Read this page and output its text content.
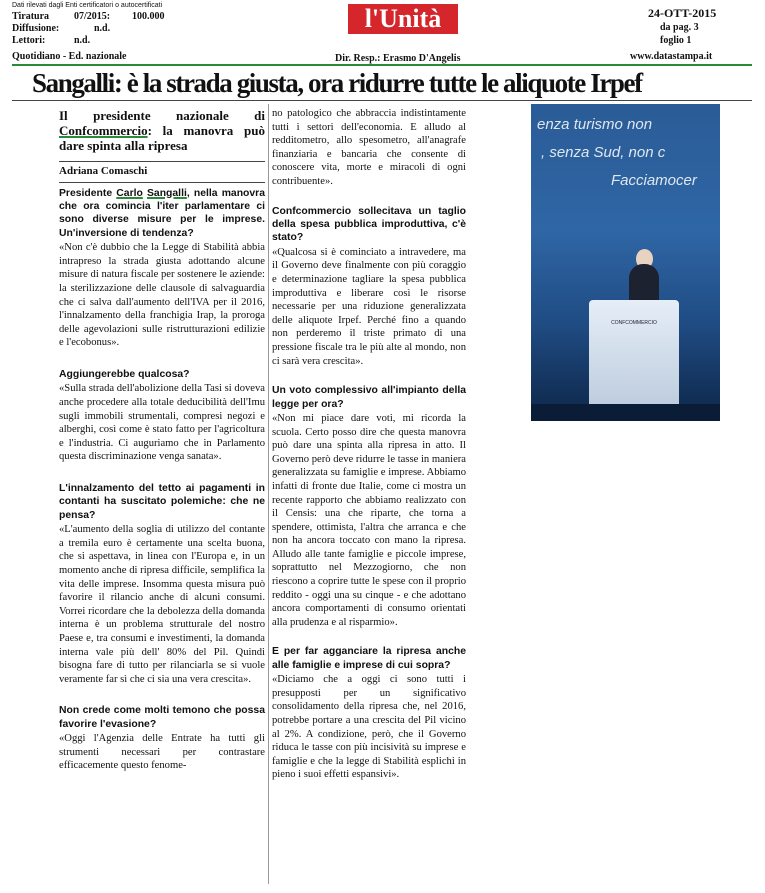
Dati rilevati dagli Enti certificatori o autocertificati
Tiratura 07/2015: 100.000
Diffusione:	n.d.
Lettori:	n.d.
Quotidiano - Ed. nazionale
l'Unità	24-OTT-2015
da pag. 3
foglio 1
www.datastampa.it
Dir. Resp.: Erasmo D'Angelis
Sangalli: è la strada giusta, ora ridurre tutte le aliquote Irpef
Il presidente nazionale di Confcommercio: la manovra può dare spinta alla ripresa
Adriana Comaschi

Presidente Carlo Sangalli, nella manovra che ora comincia l'iter parlamentare ci sono diverse misure per le imprese. Un'inversione di tendenza?

«Non c'è dubbio che la Legge di Stabilità abbia intrapreso la strada giusta adottando alcune misure di natura fiscale per sostenere le aziende: la sterilizzazione delle clausole di salvaguardia che ci salva dall'aumento dell'IVA per il 2016, l'innalzamento della franchigia Irap, la proroga delle agevolazioni sulle ristrutturazioni edilizie e l'ecobonus».

Aggiungerebbe qualcosa?

«Sulla strada dell'abolizione della Tasi si doveva anche procedere alla totale deducibilità dell'Imu sugli immobili strumentali, compresi negozi e alberghi, così come è stato fatto per l'agricoltura e l'industria. Ci auguriamo che in Parlamento questa discriminazione venga sanata».

L'innalzamento del tetto ai pagamenti in contanti ha suscitato polemiche: che ne pensa?

«L'aumento della soglia di utilizzo del contante a tremila euro è certamente una scelta buona, che si aspettava, in linea con l'Europa e, in un momento anche di ripresa difficile, semplifica la vita delle imprese. Insomma questa misura può favorire il rilancio anche di alcuni consumi. Vorrei ricordare che la debolezza della domanda interna è un problema strutturale del nostro Paese e, tra consumi e investimenti, la domanda interna vale più dell' 80% del Pil. Quindi bisogna fare di tutto per rilanciarla se si vuole veramente far sì che ci sia una vera crescita».

Non crede come molti temono che possa favorire l'evasione?

«Oggi l'Agenzia delle Entrate ha tutti gli strumenti necessari per contrastare efficacemente questo fenome-

no patologico che abbraccia indistintamente tutti i settori dell'economia. E alludo al redditometro, allo spesometro, all'anagrafe finanziaria e bancaria che consente di conoscere vita, morte e miracoli di ogni contribuente».

Confcommercio sollecitava un taglio della spesa pubblica improduttiva, c'è stato?

«Qualcosa si è cominciato a intravedere, ma il Governo deve finalmente con più coraggio e determinazione tagliare la spesa pubblica improduttiva e liberare così le risorse necessarie per una riduzione generalizzata delle aliquote Irpef. Perché fino a quando non perderemo il triste primato di una pressione fiscale tra le più alte al mondo, non ci sarà vera crescita».

Un voto complessivo all'impianto della legge per ora?

«Non mi piace dare voti, mi ricorda la scuola. Certo posso dire che questa manovra può dare una spinta alla ripresa in atto. Il Governo però deve ridurre le tasse in maniera generalizzata su famiglie e imprese. Abbiamo infatti di fronte due Italie, come ci mostra un recente rapporto che abbiamo realizzato con il Censis: una che riparte, che torna a spendere, ottimista, l'altra che arranca e che non ha ancora toccato con mano la ripresa. Alludo alle tante famiglie e piccole imprese, soprattutto nel Mezzogiorno, che non riescono a coprire tutte le spese con il proprio reddito - oggi una su cinque - e che adottano ancora comportamenti di consumo orientati alla prudenza e al risparmio».

E per far agganciare la ripresa anche alle famiglie e imprese di cui sopra?

«Diciamo che a oggi ci sono tutti i presupposti per un significativo consolidamento della ripresa che, nel 2016, potrebbe portare a una crescita del Pil vicino al 2%. A condizione, però, che il Governo riduca le tasse con più incisività su imprese e famiglie e che la legge di Stabilità esplichi in pieno i suoi effetti espansivi».

enza turismo non
, senza Sud, non c
Facciamocer
CONFCOMMERCIO
